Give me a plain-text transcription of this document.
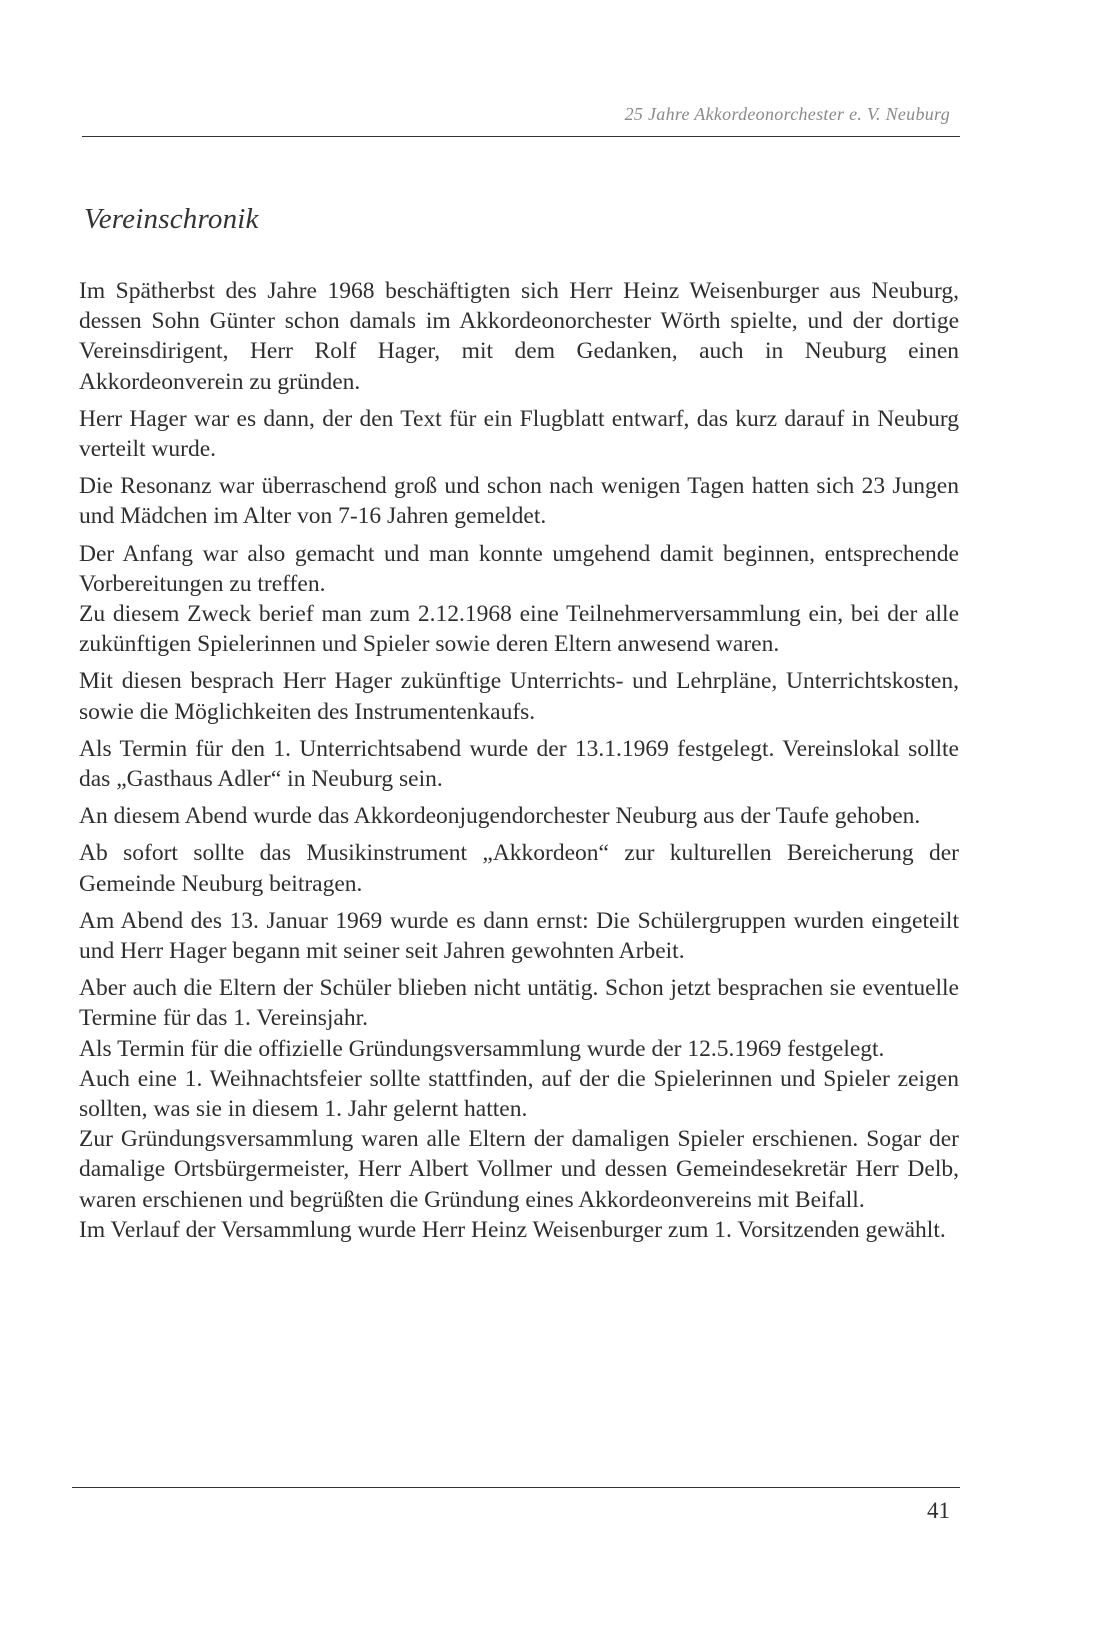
25 Jahre Akkordeonorchester e. V. Neuburg
Vereinschronik

Im Spätherbst des Jahre 1968 beschäftigten sich Herr Heinz Weisenburger aus Neuburg, dessen Sohn Günter schon damals im Akkordeonorchester Wörth spielte, und der dortige Vereinsdirigent, Herr Rolf Hager, mit dem Gedanken, auch in Neuburg einen Akkordeonverein zu gründen.

Herr Hager war es dann, der den Text für ein Flugblatt entwarf, das kurz darauf in Neuburg verteilt wurde.

Die Resonanz war überraschend groß und schon nach wenigen Tagen hatten sich 23 Jungen und Mädchen im Alter von 7-16 Jahren gemeldet.

Der Anfang war also gemacht und man konnte umgehend damit beginnen, entsprechende Vorbereitungen zu treffen.

Zu diesem Zweck berief man zum 2.12.1968 eine Teilnehmerversammlung ein, bei der alle zukünftigen Spielerinnen und Spieler sowie deren Eltern anwesend waren.

Mit diesen besprach Herr Hager zukünftige Unterrichts- und Lehrpläne, Unterrichtskosten, sowie die Möglichkeiten des Instrumentenkaufs.

Als Termin für den 1. Unterrichtsabend wurde der 13.1.1969 festgelegt. Vereinslokal sollte das „Gasthaus Adler“ in Neuburg sein.

An diesem Abend wurde das Akkordeonjugendorchester Neuburg aus der Taufe gehoben.

Ab sofort sollte das Musikinstrument „Akkordeon“ zur kulturellen Bereicherung der Gemeinde Neuburg beitragen.

Am Abend des 13. Januar 1969 wurde es dann ernst: Die Schülergruppen wurden eingeteilt und Herr Hager begann mit seiner seit Jahren gewohnten Arbeit.

Aber auch die Eltern der Schüler blieben nicht untätig. Schon jetzt besprachen sie eventuelle Termine für das 1. Vereinsjahr.

Als Termin für die offizielle Gründungsversammlung wurde der 12.5.1969 festgelegt.

Auch eine 1. Weihnachtsfeier sollte stattfinden, auf der die Spielerinnen und Spieler zeigen sollten, was sie in diesem 1. Jahr gelernt hatten.

Zur Gründungsversammlung waren alle Eltern der damaligen Spieler erschienen. Sogar der damalige Ortsbürgermeister, Herr Albert Vollmer und dessen Gemeindesekretär Herr Delb, waren erschienen und begrüßten die Gründung eines Akkordeonvereins mit Beifall.

Im Verlauf der Versammlung wurde Herr Heinz Weisenburger zum 1. Vorsitzenden gewählt.

41
